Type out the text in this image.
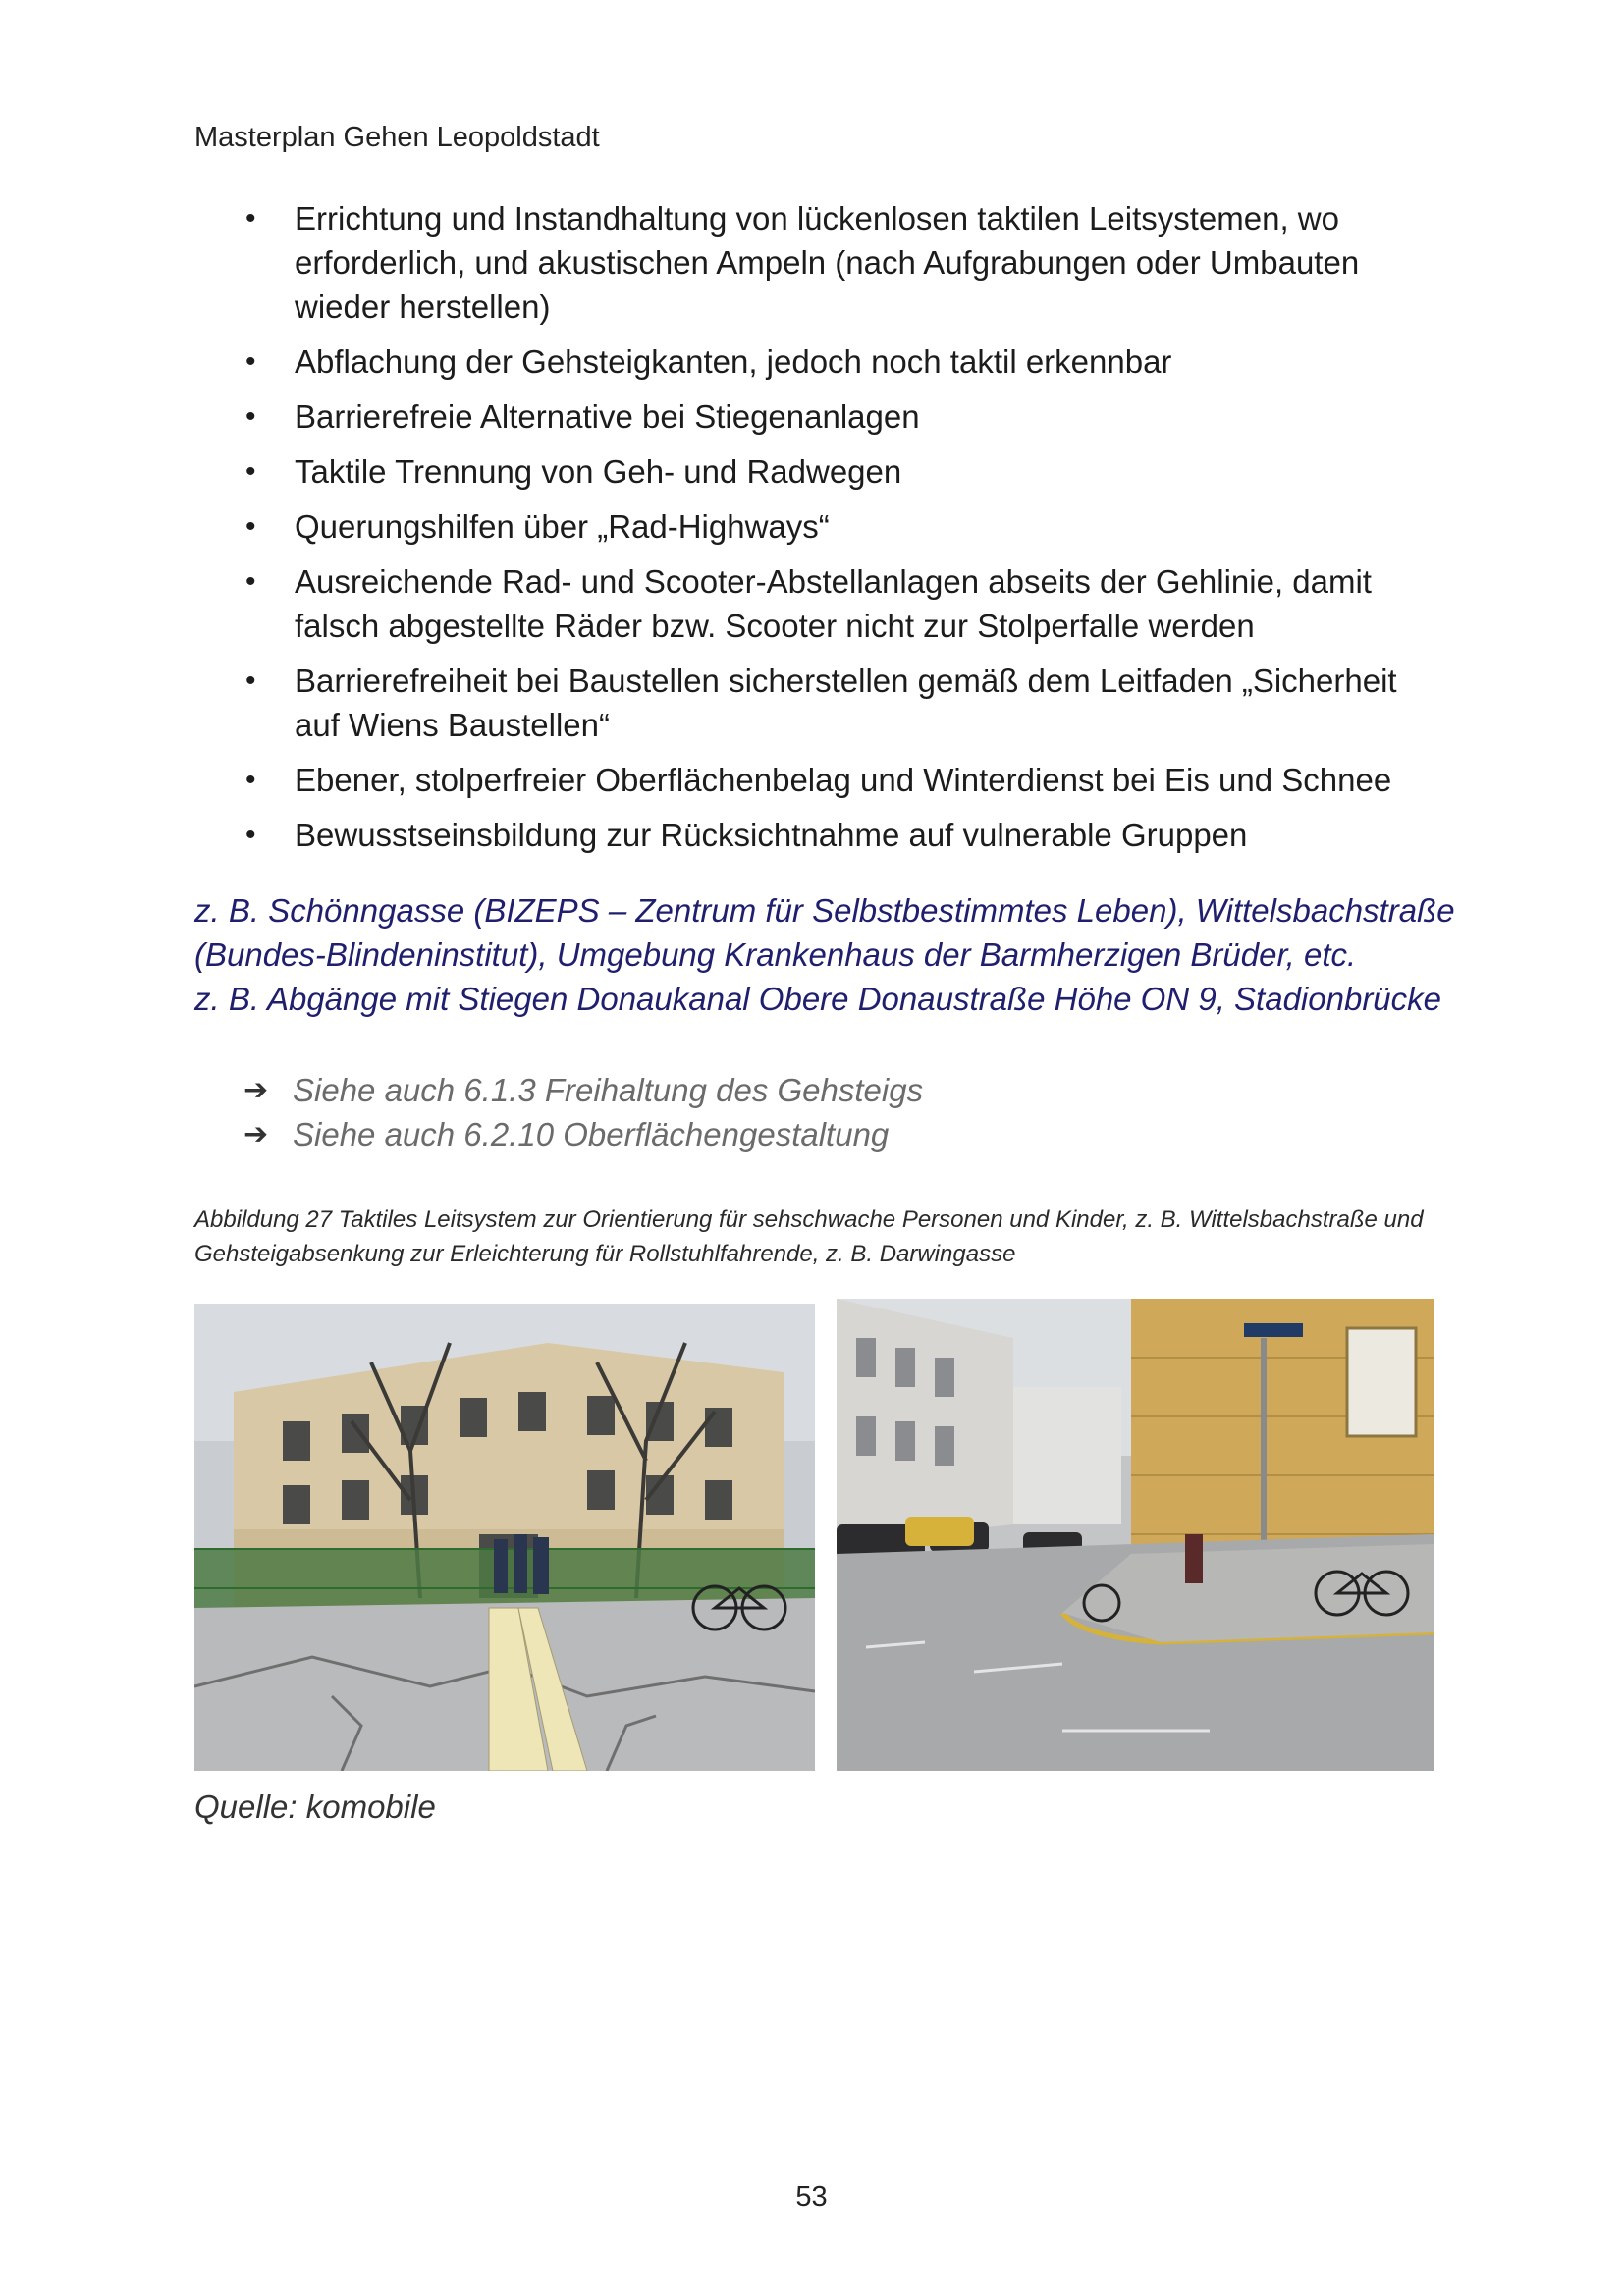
Masterplan Gehen Leopoldstadt
• Errichtung und Instandhaltung von lückenlosen taktilen Leitsystemen, wo erforderlich, und akustischen Ampeln (nach Aufgrabungen oder Umbauten wieder herstellen)
• Abflachung der Gehsteigkanten, jedoch noch taktil erkennbar
• Barrierefreie Alternative bei Stiegenanlagen
• Taktile Trennung von Geh- und Radwegen
• Querungshilfen über „Rad-Highways“
• Ausreichende Rad- und Scooter-Abstellanlagen abseits der Gehlinie, damit falsch abgestellte Räder bzw. Scooter nicht zur Stolperfalle werden
• Barrierefreiheit bei Baustellen sicherstellen gemäß dem Leitfaden „Sicherheit auf Wiens Baustellen“
• Ebener, stolperfreier Oberflächenbelag und Winterdienst bei Eis und Schnee
• Bewusstseinsbildung zur Rücksichtnahme auf vulnerable Gruppen

z. B. Schönngasse (BIZEPS – Zentrum für Selbstbestimmtes Leben), Wittelsbachstraße (Bundes-Blindeninstitut), Umgebung Krankenhaus der Barmherzigen Brüder, etc.

z. B. Abgänge mit Stiegen Donaukanal Obere Donaustraße Höhe ON 9, Stadionbrücke

➔ Siehe auch 6.1.3 Freihaltung des Gehsteigs
➔ Siehe auch 6.2.10 Oberflächengestaltung
Abbildung 27 Taktiles Leitsystem zur Orientierung für sehschwache Personen und Kinder, z. B. Wittelsbachstraße und Gehsteigabsenkung zur Erleichterung für Rollstuhlfahrende, z. B. Darwingasse
Quelle: komobile
53
